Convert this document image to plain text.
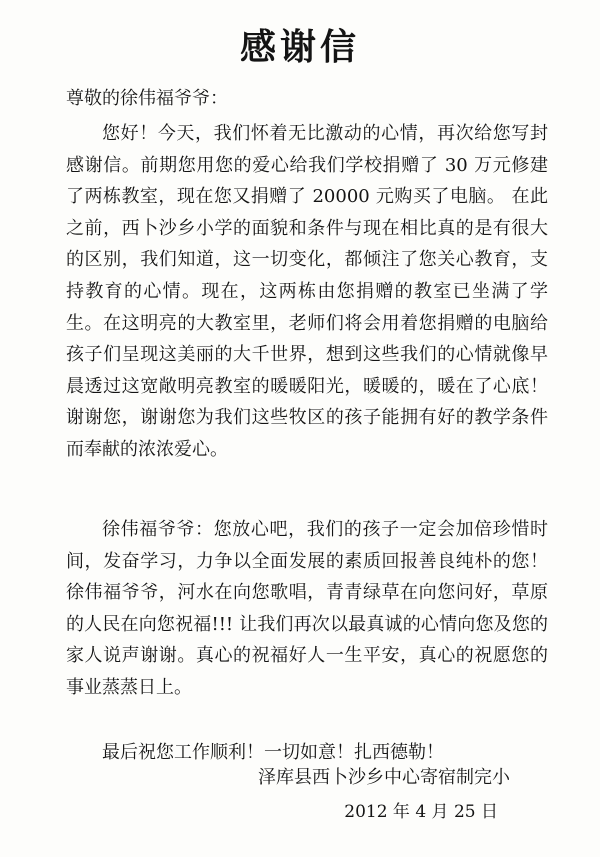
感谢信
尊敬的徐伟福爷爷：

您好！今天，我们怀着无比激动的心情，再次给您写封感谢信。前期您用您的爱心给我们学校捐赠了 30 万元修建了两栋教室，现在您又捐赠了 20000 元购买了电脑。 在此之前，西卜沙乡小学的面貌和条件与现在相比真的是有很大的区别，我们知道，这一切变化，都倾注了您关心教育，支持教育的心情。现在，这两栋由您捐赠的教室已坐满了学生。在这明亮的大教室里，老师们将会用着您捐赠的电脑给孩子们呈现这美丽的大千世界，想到这些我们的心情就像早晨透过这宽敞明亮教室的暖暖阳光，暖暖的，暖在了心底！谢谢您，谢谢您为我们这些牧区的孩子能拥有好的教学条件而奉献的浓浓爱心。

徐伟福爷爷：您放心吧，我们的孩子一定会加倍珍惜时间，发奋学习，力争以全面发展的素质回报善良纯朴的您！徐伟福爷爷，河水在向您歌唱，青青绿草在向您问好，草原的人民在向您祝福!!! 让我们再次以最真诚的心情向您及您的家人说声谢谢。真心的祝福好人一生平安，真心的祝愿您的事业蒸蒸日上。

最后祝您工作顺利！一切如意！扎西德勒！

泽库县西卜沙乡中心寄宿制完小
2012 年 4 月 25 日
